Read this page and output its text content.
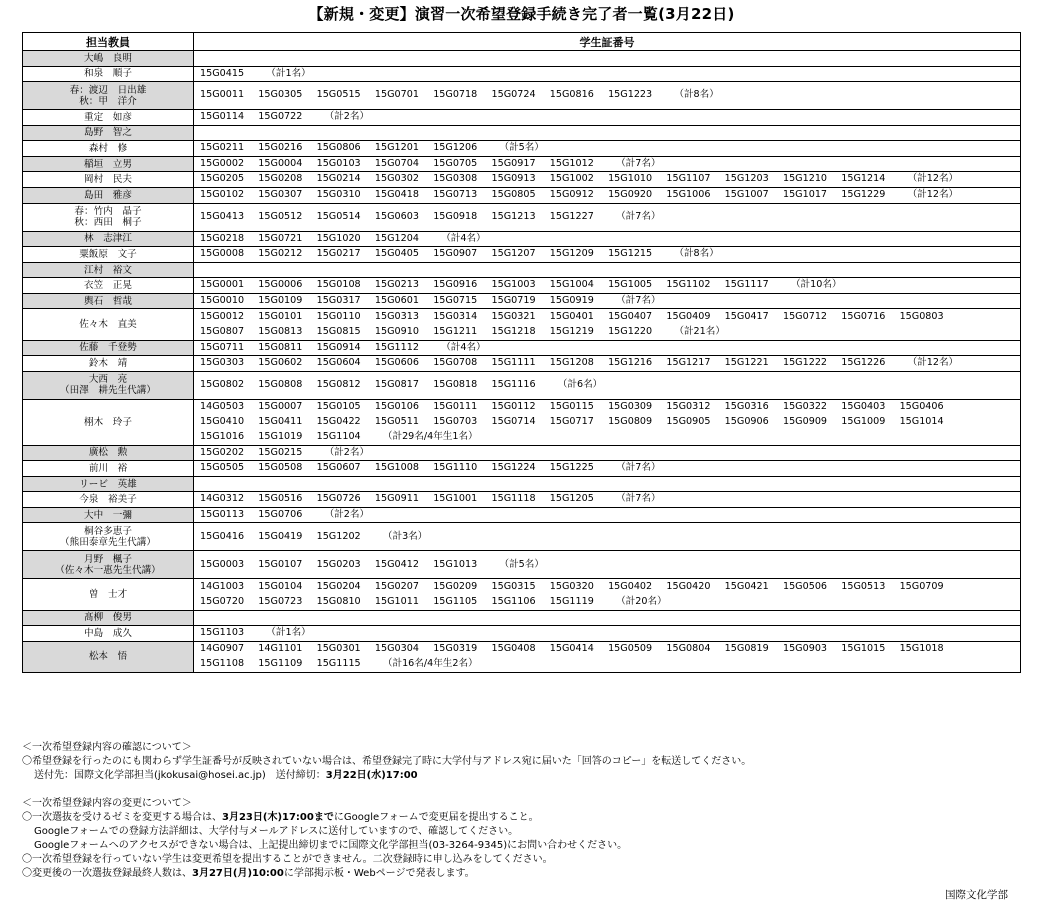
【新規・変更】演習一次希望登録手続き完了者一覧(3月22日)
担当教員	学生証番号

大嶋　良明	

和泉　順子	15G0415 （計1名）

春：渡辺　日出雄
秋：甲　洋介	15G0011 15G0305 15G0515 15G0701 15G0718 15G0724 15G0816 15G1223 （計8名）

重定　如彦	15G0114 15G0722 （計2名）

島野　智之	

森村　修	15G0211 15G0216 15G0806 15G1201 15G1206 （計5名）

稲垣　立男	15G0002 15G0004 15G0103 15G0704 15G0705 15G0917 15G1012 （計7名）

岡村　民夫	15G0205 15G0208 15G0214 15G0302 15G0308 15G0913 15G1002 15G1010 15G1107 15G1203 15G1210 15G1214 （計12名）

島田　雅彦	15G0102 15G0307 15G0310 15G0418 15G0713 15G0805 15G0912 15G0920 15G1006 15G1007 15G1017 15G1229 （計12名）

春：竹内　晶子
秋：西田　桐子	15G0413 15G0512 15G0514 15G0603 15G0918 15G1213 15G1227 （計7名）

林　志津江	15G0218 15G0721 15G1020 15G1204 （計4名）

粟飯原　文子	15G0008 15G0212 15G0217 15G0405 15G0907 15G1207 15G1209 15G1215 （計8名）

江村　裕文	

衣笠　正晃	15G0001 15G0006 15G0108 15G0213 15G0916 15G1003 15G1004 15G1005 15G1102 15G1117 （計10名）

輿石　哲哉	15G0010 15G0109 15G0317 15G0601 15G0715 15G0719 15G0919 （計7名）

佐々木　直美	15G0012 15G0101 15G0110 15G0313 15G0314 15G0321 15G0401 15G0407 15G0409 15G0417 15G0712 15G0716 15G0803
15G0807 15G0813 15G0815 15G0910 15G1211 15G1218 15G1219 15G1220 （計21名）

佐藤　千登勢	15G0711 15G0811 15G0914 15G1112 （計4名）

鈴木　靖	15G0303 15G0602 15G0604 15G0606 15G0708 15G1111 15G1208 15G1216 15G1217 15G1221 15G1222 15G1226 （計12名）

大西　亮
（田澤　耕先生代講）	15G0802 15G0808 15G0812 15G0817 15G0818 15G1116 （計6名）

栩木　玲子	14G0503 15G0007 15G0105 15G0106 15G0111 15G0112 15G0115 15G0309 15G0312 15G0316 15G0322 15G0403 15G0406
15G0410 15G0411 15G0422 15G0511 15G0703 15G0714 15G0717 15G0809 15G0905 15G0906 15G0909 15G1009 15G1014
15G1016 15G1019 15G1104 （計29名/4年生1名）

廣松　勲	15G0202 15G0215 （計2名）

前川　裕	15G0505 15G0508 15G0607 15G1008 15G1110 15G1224 15G1225 （計7名）

リービ　英雄	

今泉　裕美子	14G0312 15G0516 15G0726 15G0911 15G1001 15G1118 15G1205 （計7名）

大中　一彌	15G0113 15G0706 （計2名）

桐谷多恵子
（熊田泰章先生代講）	15G0416 15G0419 15G1202 （計3名）

月野　楓子
（佐々木一惠先生代講）	15G0003 15G0107 15G0203 15G0412 15G1013 （計5名）

曽　士才	14G1003 15G0104 15G0204 15G0207 15G0209 15G0315 15G0320 15G0402 15G0420 15G0421 15G0506 15G0513 15G0709
15G0720 15G0723 15G0810 15G1011 15G1105 15G1106 15G1119 （計20名）

髙柳　俊男	

中島　成久	15G1103 （計1名）

松本　悟	14G0907 14G1101 15G0301 15G0304 15G0319 15G0408 15G0414 15G0509 15G0804 15G0819 15G0903 15G1015 15G1018
15G1108 15G1109 15G1115 （計16名/4年生2名）
＜一次希望登録内容の確認について＞
〇希望登録を行ったのにも関わらず学生証番号が反映されていない場合は、希望登録完了時に大学付与アドレス宛に届いた「回答のコピー」を転送してください。
送付先：国際文化学部担当(jkokusai@hosei.ac.jp)　送付締切：3月22日(水)17:00
＜一次希望登録内容の変更について＞
〇一次選抜を受けるゼミを変更する場合は、3月23日(木)17:00までにGoogleフォームで変更届を提出すること。
Googleフォームでの登録方法詳細は、大学付与メールアドレスに送付していますので、確認してください。
Googleフォームへのアクセスができない場合は、上記提出締切までに国際文化学部担当(03-3264-9345)にお問い合わせください。
〇一次希望登録を行っていない学生は変更希望を提出することができません。二次登録時に申し込みをしてください。
〇変更後の一次選抜登録最終人数は、3月27日(月)10:00に学部掲示板・Webページで発表します。
国際文化学部
